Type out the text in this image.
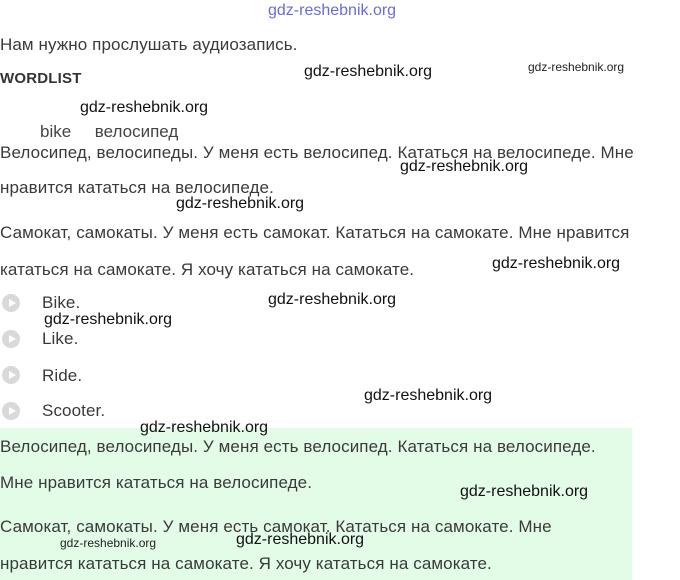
gdz-reshebnik.org
gdz-reshebnik.org	gdz-reshebnik.org
gdz-reshebnik.org
gdz-reshebnik.org
gdz-reshebnik.org
gdz-reshebnik.org
gdz-reshebnik.org
gdz-reshebnik.org
gdz-reshebnik.org
gdz-reshebnik.org
gdz-reshebnik.org
gdz-reshebnik.org	gdz-reshebnik.org
Нам нужно прослушать аудиозапись.
WORDLIST
bike     велосипед
Велосипед, велосипеды. У меня есть велосипед. Кататься на велосипеде. Мне
нравится кататься на велосипеде.
Самокат, самокаты. У меня есть самокат. Кататься на самокате. Мне нравится
кататься на самокате. Я хочу кататься на самокате.
Bike.
Like.
Ride.
Scooter.
Велосипед, велосипеды. У меня есть велосипед. Кататься на велосипеде.
Мне нравится кататься на велосипеде.
Самокат, самокаты. У меня есть самокат. Кататься на самокате. Мне
нравится кататься на самокате. Я хочу кататься на самокате.
